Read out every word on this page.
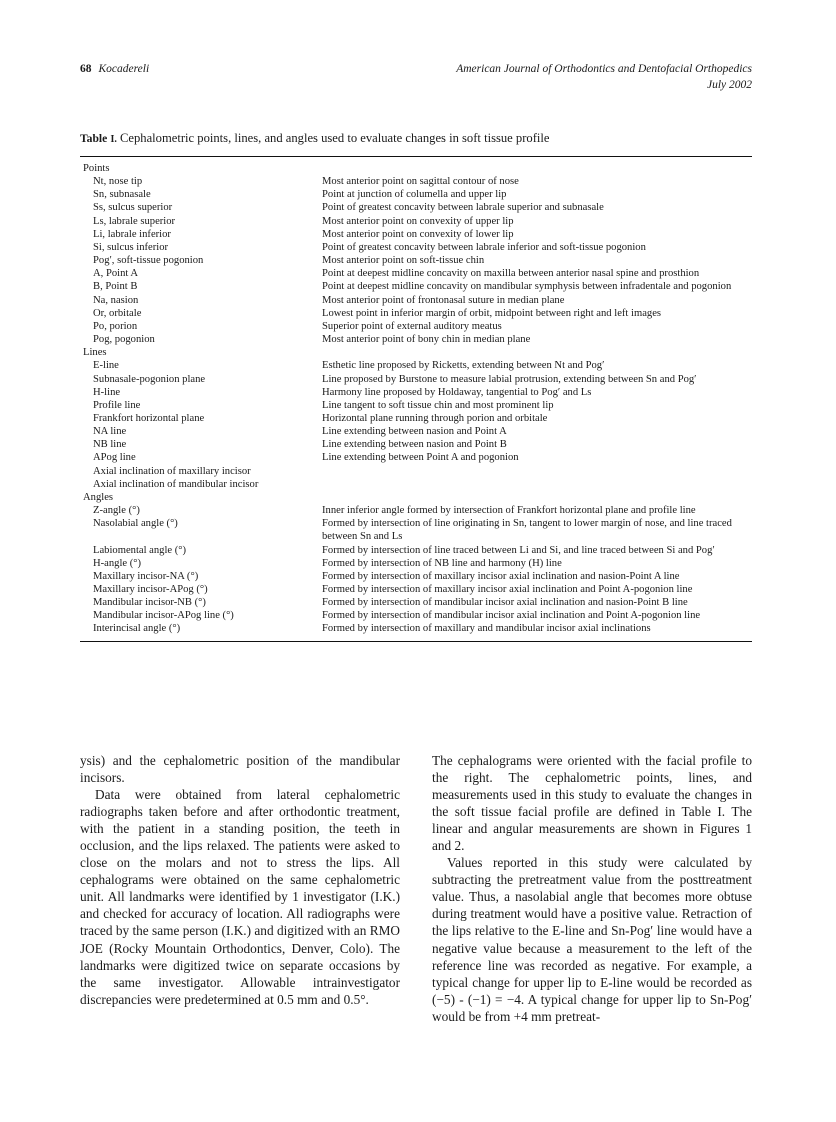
68 Kocadereli	American Journal of Orthodontics and Dentofacial Orthopedics
July 2002
Table I. Cephalometric points, lines, and angles used to evaluate changes in soft tissue profile
Points
Nt, nose tip	Most anterior point on sagittal contour of nose
Sn, subnasale	Point at junction of columella and upper lip
Ss, sulcus superior	Point of greatest concavity between labrale superior and subnasale
Ls, labrale superior	Most anterior point on convexity of upper lip
Li, labrale inferior	Most anterior point on convexity of lower lip
Si, sulcus inferior	Point of greatest concavity between labrale inferior and soft-tissue pogonion
Pog′, soft-tissue pogonion	Most anterior point on soft-tissue chin
A, Point A	Point at deepest midline concavity on maxilla between anterior nasal spine and prosthion
B, Point B	Point at deepest midline concavity on mandibular symphysis between infradentale and pogonion
Na, nasion	Most anterior point of frontonasal suture in median plane
Or, orbitale	Lowest point in inferior margin of orbit, midpoint between right and left images
Po, porion	Superior point of external auditory meatus
Pog, pogonion	Most anterior point of bony chin in median plane
Lines
E-line	Esthetic line proposed by Ricketts, extending between Nt and Pog′
Subnasale-pogonion plane	Line proposed by Burstone to measure labial protrusion, extending between Sn and Pog′
H-line	Harmony line proposed by Holdaway, tangential to Pog′ and Ls
Profile line	Line tangent to soft tissue chin and most prominent lip
Frankfort horizontal plane	Horizontal plane running through porion and orbitale
NA line	Line extending between nasion and Point A
NB line	Line extending between nasion and Point B
APog line	Line extending between Point A and pogonion
Axial inclination of maxillary incisor
Axial inclination of mandibular incisor
Angles
Z-angle (°)	Inner inferior angle formed by intersection of Frankfort horizontal plane and profile line
Nasolabial angle (°)	Formed by intersection of line originating in Sn, tangent to lower margin of nose, and line traced between Sn and Ls
Labiomental angle (°)	Formed by intersection of line traced between Li and Si, and line traced between Si and Pog′
H-angle (°)	Formed by intersection of NB line and harmony (H) line
Maxillary incisor-NA (°)	Formed by intersection of maxillary incisor axial inclination and nasion-Point A line
Maxillary incisor-APog (°)	Formed by intersection of maxillary incisor axial inclination and Point A-pogonion line
Mandibular incisor-NB (°)	Formed by intersection of mandibular incisor axial inclination and nasion-Point B line
Mandibular incisor-APog line (°)	Formed by intersection of mandibular incisor axial inclination and Point A-pogonion line
Interincisal angle (°)	Formed by intersection of maxillary and mandibular incisor axial inclinations

ysis) and the cephalometric position of the mandibular incisors.

Data were obtained from lateral cephalometric radiographs taken before and after orthodontic treatment, with the patient in a standing position, the teeth in occlusion, and the lips relaxed. The patients were asked to close on the molars and not to stress the lips. All cephalograms were obtained on the same cephalometric unit. All landmarks were identified by 1 investigator (I.K.) and checked for accuracy of location. All radiographs were traced by the same person (I.K.) and digitized with an RMO JOE (Rocky Mountain Orthodontics, Denver, Colo). The landmarks were digitized twice on separate occasions by the same investigator. Allowable intrainvestigator discrepancies were predetermined at 0.5 mm and 0.5°.

The cephalograms were oriented with the facial profile to the right. The cephalometric points, lines, and measurements used in this study to evaluate the changes in the soft tissue facial profile are defined in Table I. The linear and angular measurements are shown in Figures 1 and 2.

Values reported in this study were calculated by subtracting the pretreatment value from the posttreatment value. Thus, a nasolabial angle that becomes more obtuse during treatment would have a positive value. Retraction of the lips relative to the E-line and Sn-Pog′ line would have a negative value because a measurement to the left of the reference line was recorded as negative. For example, a typical change for upper lip to E-line would be recorded as (−5) - (−1) = −4. A typical change for upper lip to Sn-Pog′ would be from +4 mm pretreat-
